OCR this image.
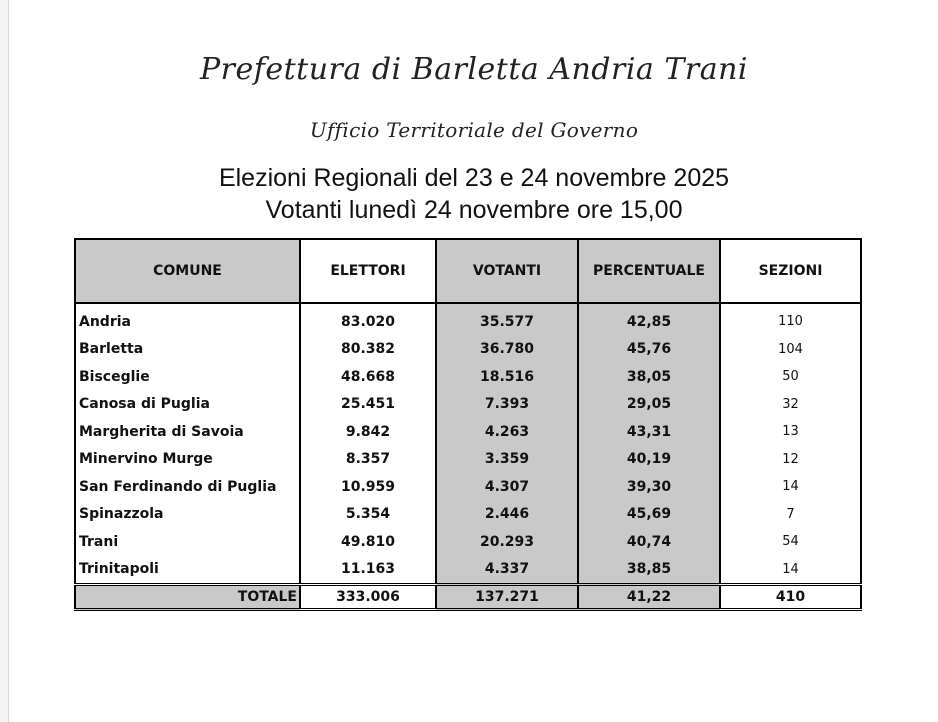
Prefettura di Barletta Andria Trani
Ufficio Territoriale del Governo
Elezioni Regionali del 23 e 24 novembre 2025
Votanti lunedì 24 novembre ore 15,00
COMUNE	ELETTORI	VOTANTI	PERCENTUALE	SEZIONI

Andria	83.020	35.577	42,85	110
Barletta	80.382	36.780	45,76	104
Bisceglie	48.668	18.516	38,05	50
Canosa di Puglia	25.451	7.393	29,05	32
Margherita di Savoia	9.842	4.263	43,31	13
Minervino Murge	8.357	3.359	40,19	12
San Ferdinando di Puglia	10.959	4.307	39,30	14
Spinazzola	5.354	2.446	45,69	7
Trani	49.810	20.293	40,74	54
Trinitapoli	11.163	4.337	38,85	14
TOTALE	333.006	137.271	41,22	410
